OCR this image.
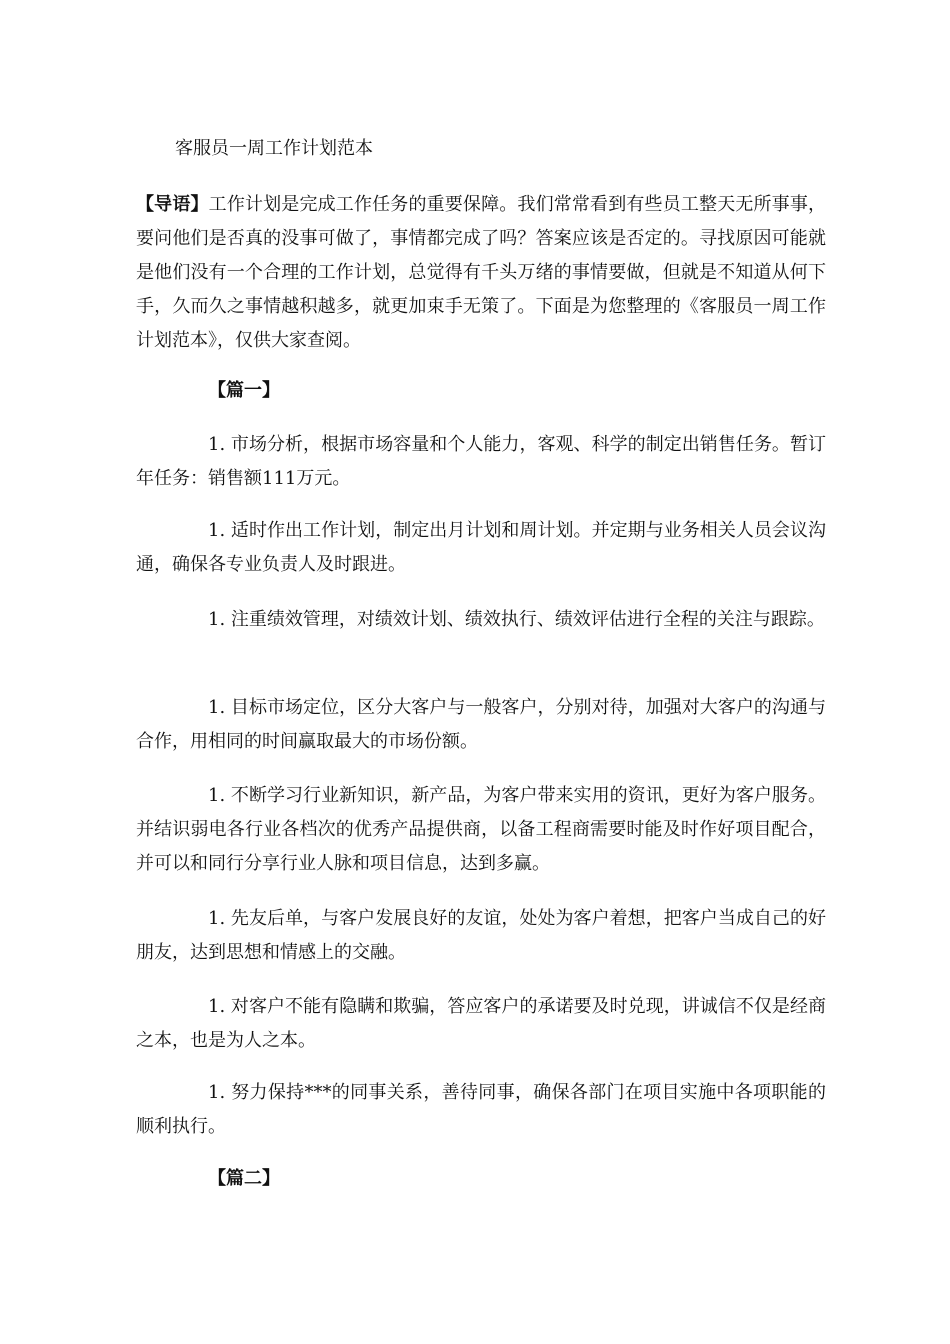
客服员一周工作计划范本
【导语】工作计划是完成工作任务的重要保障。我们常常看到有些员工整天无所事事，要问他们是否真的没事可做了，事情都完成了吗？答案应该是否定的。寻找原因可能就是他们没有一个合理的工作计划，总觉得有千头万绪的事情要做，但就是不知道从何下手，久而久之事情越积越多，就更加束手无策了。下面是为您整理的《客服员一周工作计划范本》，仅供大家查阅。
【篇一】
1. 市场分析，根据市场容量和个人能力，客观、科学的制定出销售任务。暂订年任务：销售额111万元。
1. 适时作出工作计划，制定出月计划和周计划。并定期与业务相关人员会议沟通，确保各专业负责人及时跟进。
1. 注重绩效管理，对绩效计划、绩效执行、绩效评估进行全程的关注与跟踪。
1. 目标市场定位，区分大客户与一般客户，分别对待，加强对大客户的沟通与合作，用相同的时间赢取最大的市场份额。
1. 不断学习行业新知识，新产品，为客户带来实用的资讯，更好为客户服务。并结识弱电各行业各档次的优秀产品提供商，以备工程商需要时能及时作好项目配合，并可以和同行分享行业人脉和项目信息，达到多赢。
1. 先友后单，与客户发展良好的友谊，处处为客户着想，把客户当成自己的好朋友，达到思想和情感上的交融。
1. 对客户不能有隐瞒和欺骗，答应客户的承诺要及时兑现，讲诚信不仅是经商之本，也是为人之本。
1. 努力保持***的同事关系，善待同事，确保各部门在项目实施中各项职能的顺利执行。
【篇二】
